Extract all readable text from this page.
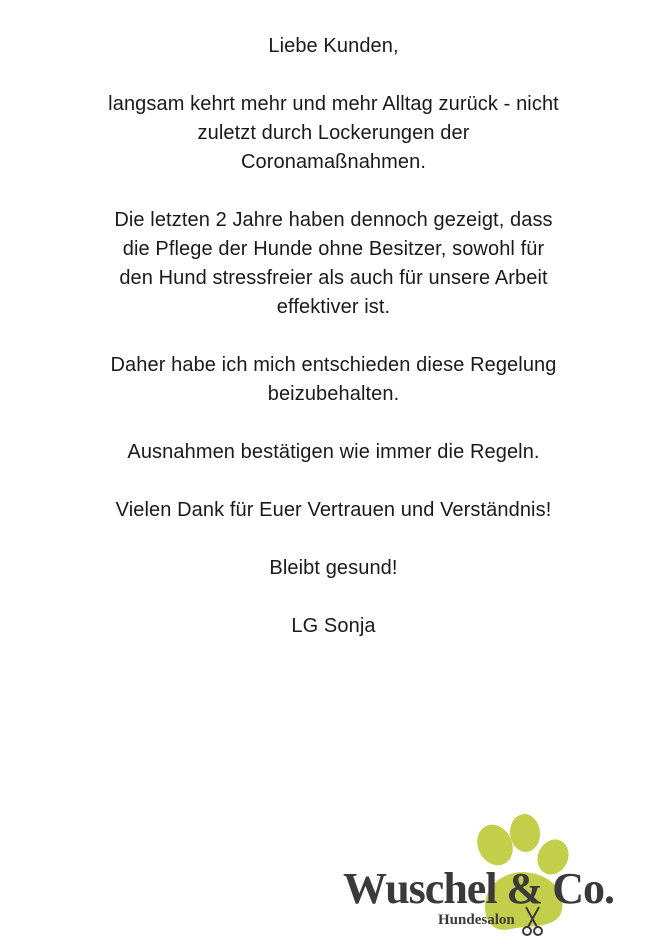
Liebe Kunden,

langsam kehrt mehr und mehr Alltag zurück - nicht
zuletzt durch Lockerungen der
Coronamaßnahmen.

Die letzten 2 Jahre haben dennoch gezeigt, dass
die Pflege der Hunde ohne Besitzer, sowohl für
den Hund stressfreier als auch für unsere Arbeit
effektiver ist.

Daher habe ich mich entschieden diese Regelung
beizubehalten.

Ausnahmen bestätigen wie immer die Regeln.

Vielen Dank für Euer Vertrauen und Verständnis!

Bleibt gesund!

LG Sonja

Wuschel & Co.
Hundesalon
